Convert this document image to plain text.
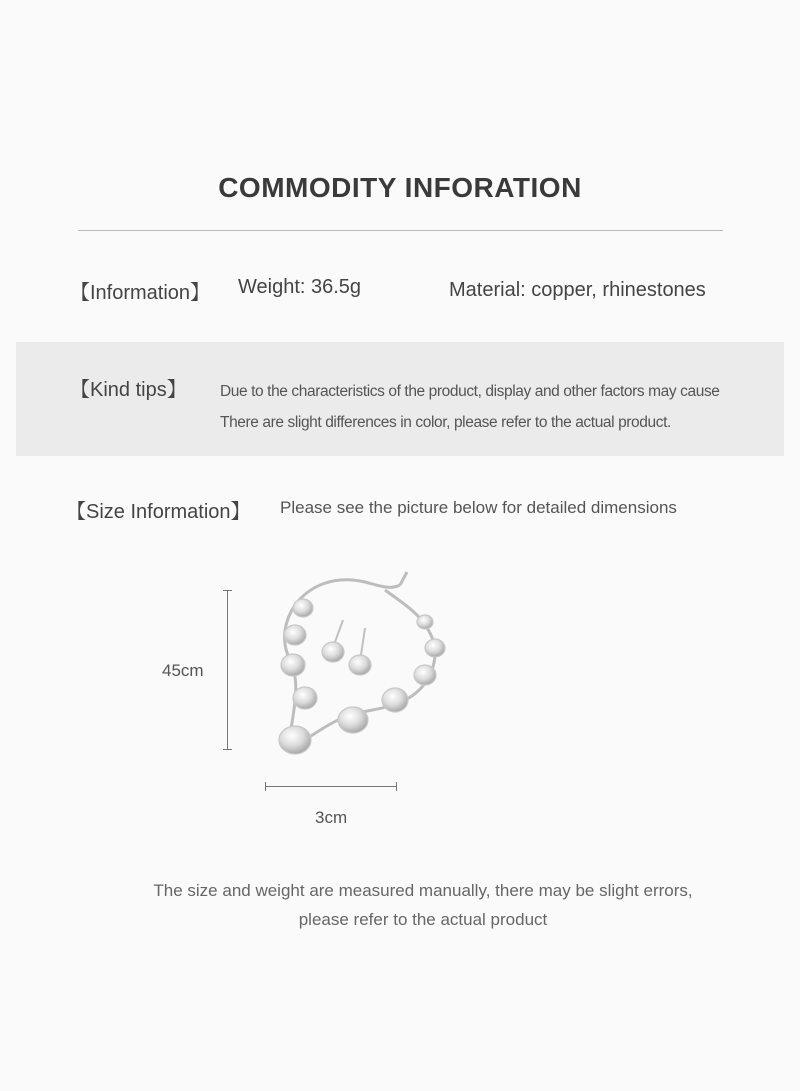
COMMODITY INFORATION
【Information】 Weight: 36.5g	Material: copper, rhinestones
【Kind tips】 Due to the characteristics of the product, display and other factors may cause
There are slight differences in color, please refer to the actual product.
【Size Information】 Please see the picture below for detailed dimensions
45cm
3cm
The size and weight are measured manually, there may be slight errors,
please refer to the actual product
